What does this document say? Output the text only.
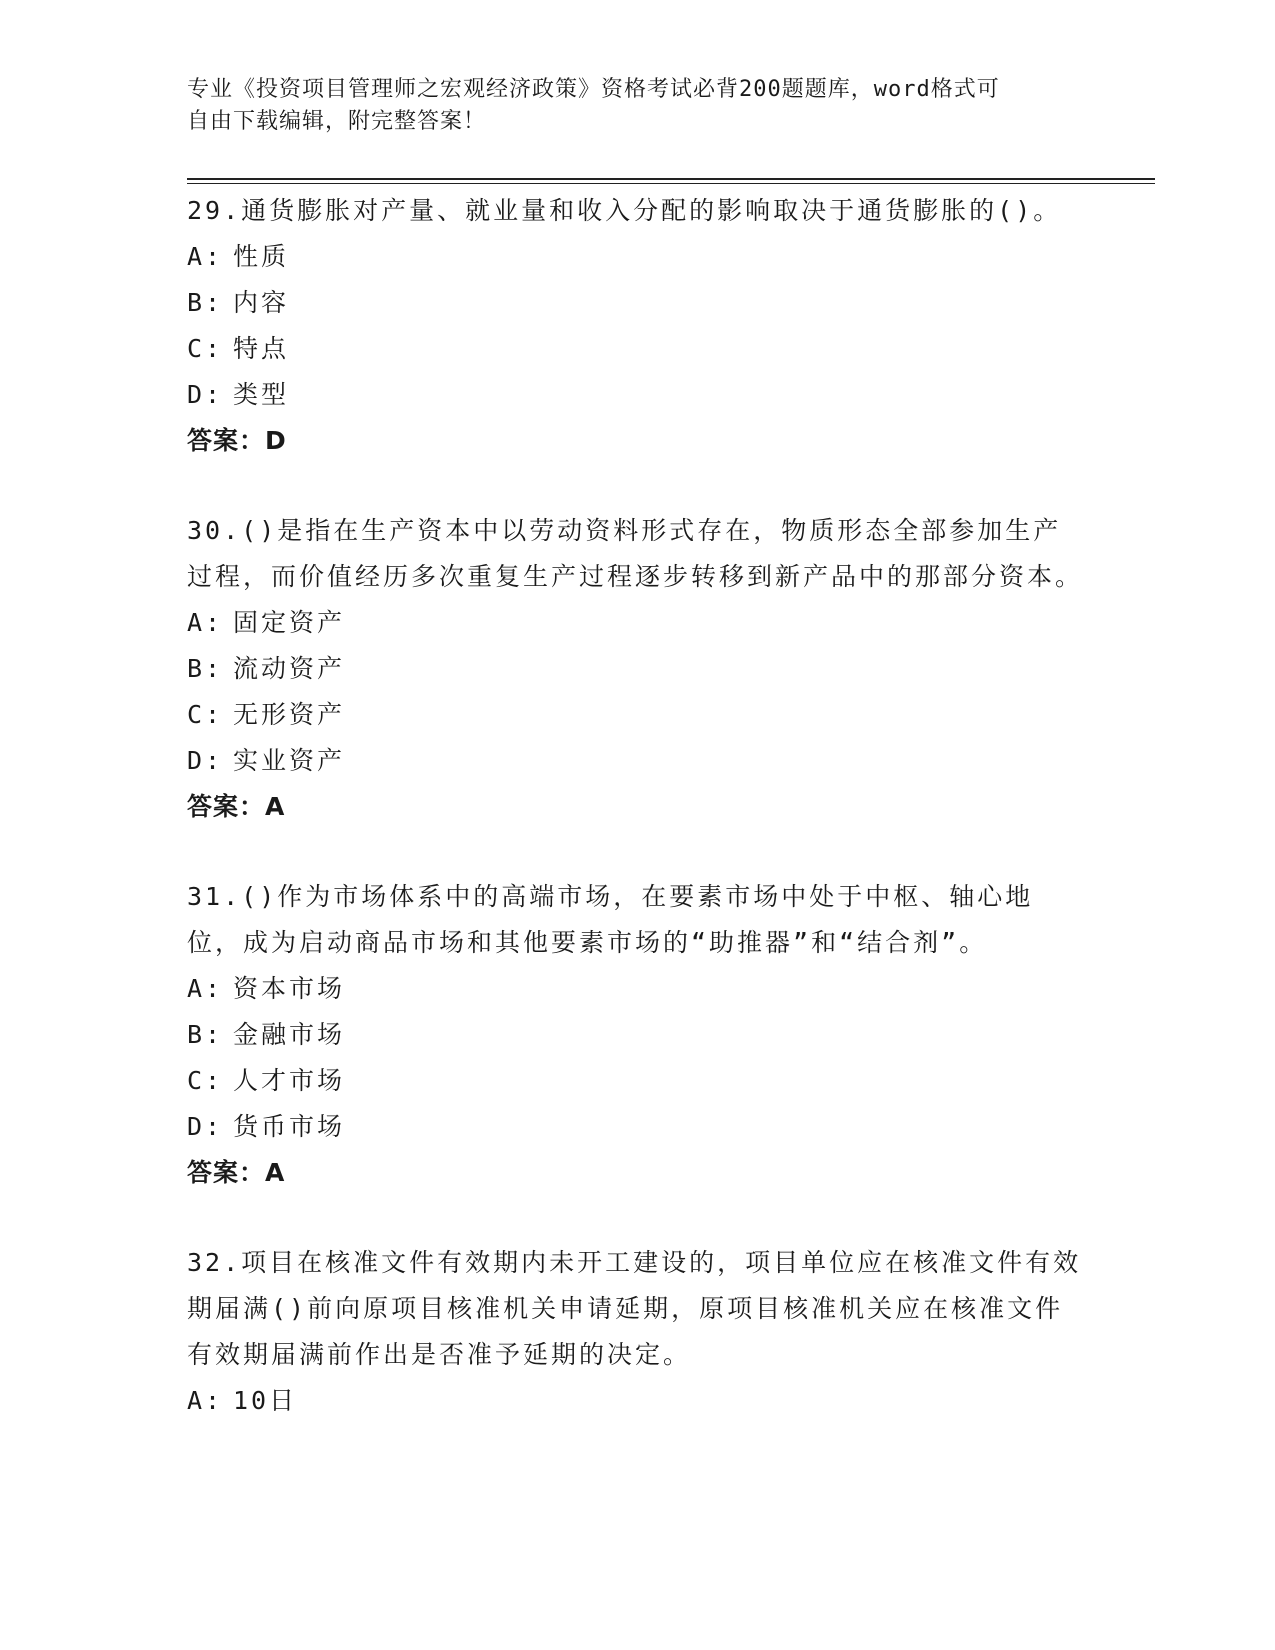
专业《投资项目管理师之宏观经济政策》资格考试必背200题题库，word格式可
自由下载编辑，附完整答案！

29.通货膨胀对产量、就业量和收入分配的影响取决于通货膨胀的()。

A: 性质

B: 内容

C: 特点

D: 类型

答案：D

30.()是指在生产资本中以劳动资料形式存在，物质形态全部参加生产过程，而价值经历多次重复生产过程逐步转移到新产品中的那部分资本。

A: 固定资产

B: 流动资产

C: 无形资产

D: 实业资产

答案：A

31.()作为市场体系中的高端市场，在要素市场中处于中枢、轴心地位，成为启动商品市场和其他要素市场的“助推器”和“结合剂”。

A: 资本市场

B: 金融市场

C: 人才市场

D: 货币市场

答案：A

32.项目在核准文件有效期内未开工建设的，项目单位应在核准文件有效期届满()前向原项目核准机关申请延期，原项目核准机关应在核准文件有效期届满前作出是否准予延期的决定。

A: 10日
